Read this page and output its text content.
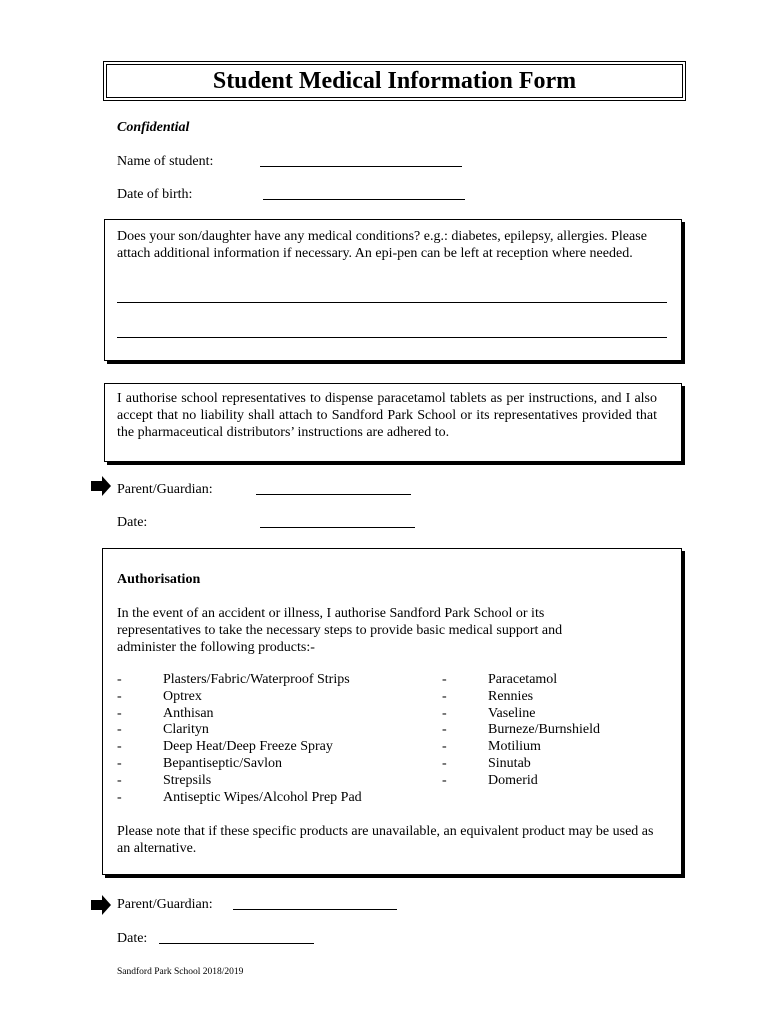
Student Medical Information Form
Confidential
Name of student:
Date of birth:
Does your son/daughter have any medical conditions? e.g.: diabetes, epilepsy, allergies. Please attach additional information if necessary. An epi-pen can be left at reception where needed.
I authorise school representatives to dispense paracetamol tablets as per instructions, and I also accept that no liability shall attach to Sandford Park School or its representatives provided that the pharmaceutical distributors’ instructions are adhered to.
Parent/Guardian:
Date:
Authorisation
In the event of an accident or illness, I authorise Sandford Park School or its representatives to take the necessary steps to provide basic medical support and administer the following products:-
-	Plasters/Fabric/Waterproof Strips
-	Optrex
-	Anthisan
-	Clarityn
-	Deep Heat/Deep Freeze Spray
-	Bepantiseptic/Savlon
-	Strepsils
-	Antiseptic Wipes/Alcohol Prep Pad
-	Paracetamol
-	Rennies
-	Vaseline
-	Burneze/Burnshield
-	Motilium
-	Sinutab
-	Domerid
Please note that if these specific products are unavailable, an equivalent product may be used as an alternative.
Parent/Guardian:
Date:
Sandford Park School 2018/2019
